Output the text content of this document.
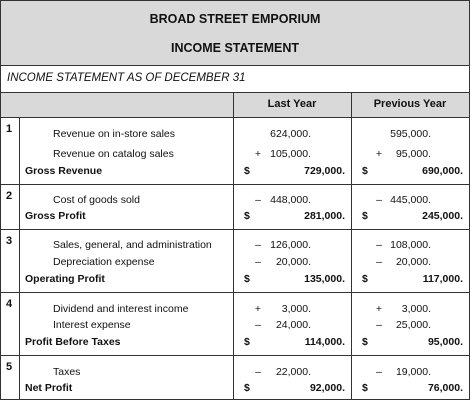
BROAD STREET EMPORIUM
INCOME STATEMENT
INCOME STATEMENT AS OF DECEMBER 31
Last Year	Previous Year
1	Revenue on in-store sales	624,000.	595,000.
Revenue on catalog sales	+ 105,000.	+	95,000.
Gross Revenue	$	729,000. $	690,000.
2	Cost of goods sold	– 448,000.	– 445,000.
Gross Profit	$	281,000. $	245,000.
3	Sales, general, and administration	– 126,000.	– 108,000.
Depreciation expense	–	20,000.	–	20,000.
Operating Profit	$	135,000. $	117,000.
4	Dividend and interest income	+	3,000.	+	3,000.
Interest expense	–	24,000.	–	25,000.
Profit Before Taxes	$	114,000. $	95,000.
5	Taxes	–	22,000.	–	19,000.
Net Profit	$	92,000. $	76,000.
